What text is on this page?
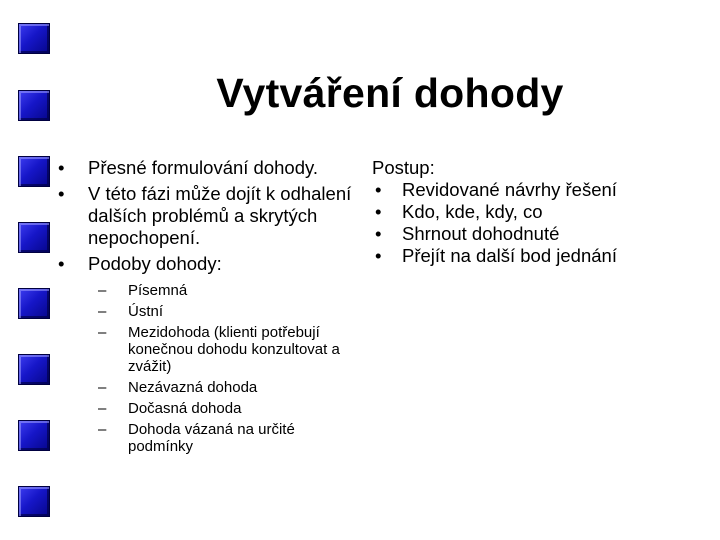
Vytváření dohody
• Přesné formulování dohody.
• V této fázi může dojít k odhalení dalších problémů a skrytých nepochopení.
• Podoby dohody:
– Písemná
– Ústní
– Mezidohoda (klienti potřebují konečnou dohodu konzultovat a zvážit)
– Nezávazná dohoda
– Dočasná dohoda
– Dohoda vázaná na určité podmínky
Postup:
• Revidované návrhy řešení
• Kdo, kde, kdy, co
• Shrnout dohodnuté
• Přejít na další bod jednání
